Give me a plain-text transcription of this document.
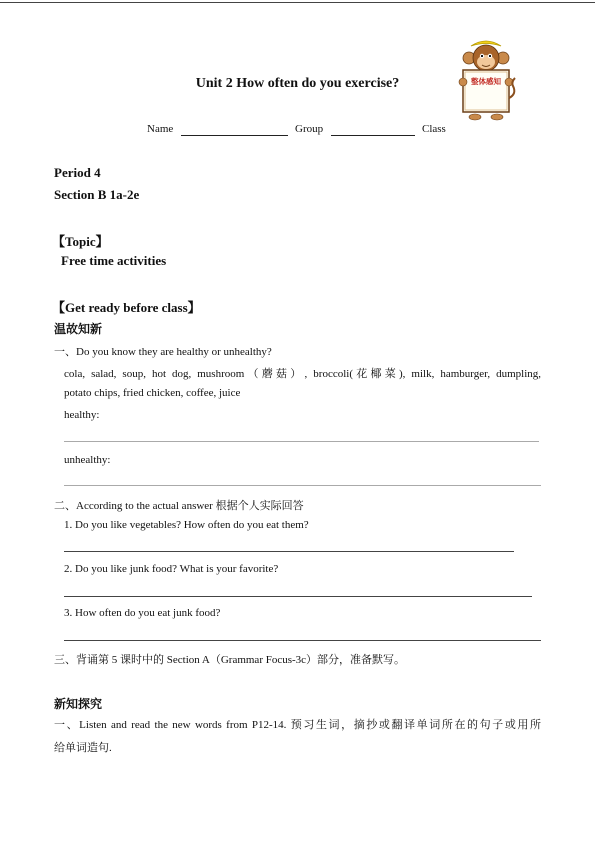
Unit 2 How often do you exercise?	整体感知
Name	Group	Class
Period 4
Section B 1a-2e
【Topic】
Free time activities
【Get ready before class】
温故知新
一、Do you know they are healthy or unhealthy?
cola, salad, soup, hot dog, mushroom（蘑菇）, broccoli(花椰菜), milk, hamburger, dumpling,
potato chips, fried chicken, coffee, juice
healthy:
unhealthy:
二、According to the actual answer 根据个人实际回答
1. Do you like vegetables? How often do you eat them?
2. Do you like junk food? What is your favorite?
3. How often do you eat junk food?
三、背诵第 5 课时中的 Section A（Grammar Focus-3c）部分，准备默写。
新知探究
一、Listen and read the new words from P12-14. 预习生词，摘抄或翻译单词所在的句子或用所
给单词造句.
